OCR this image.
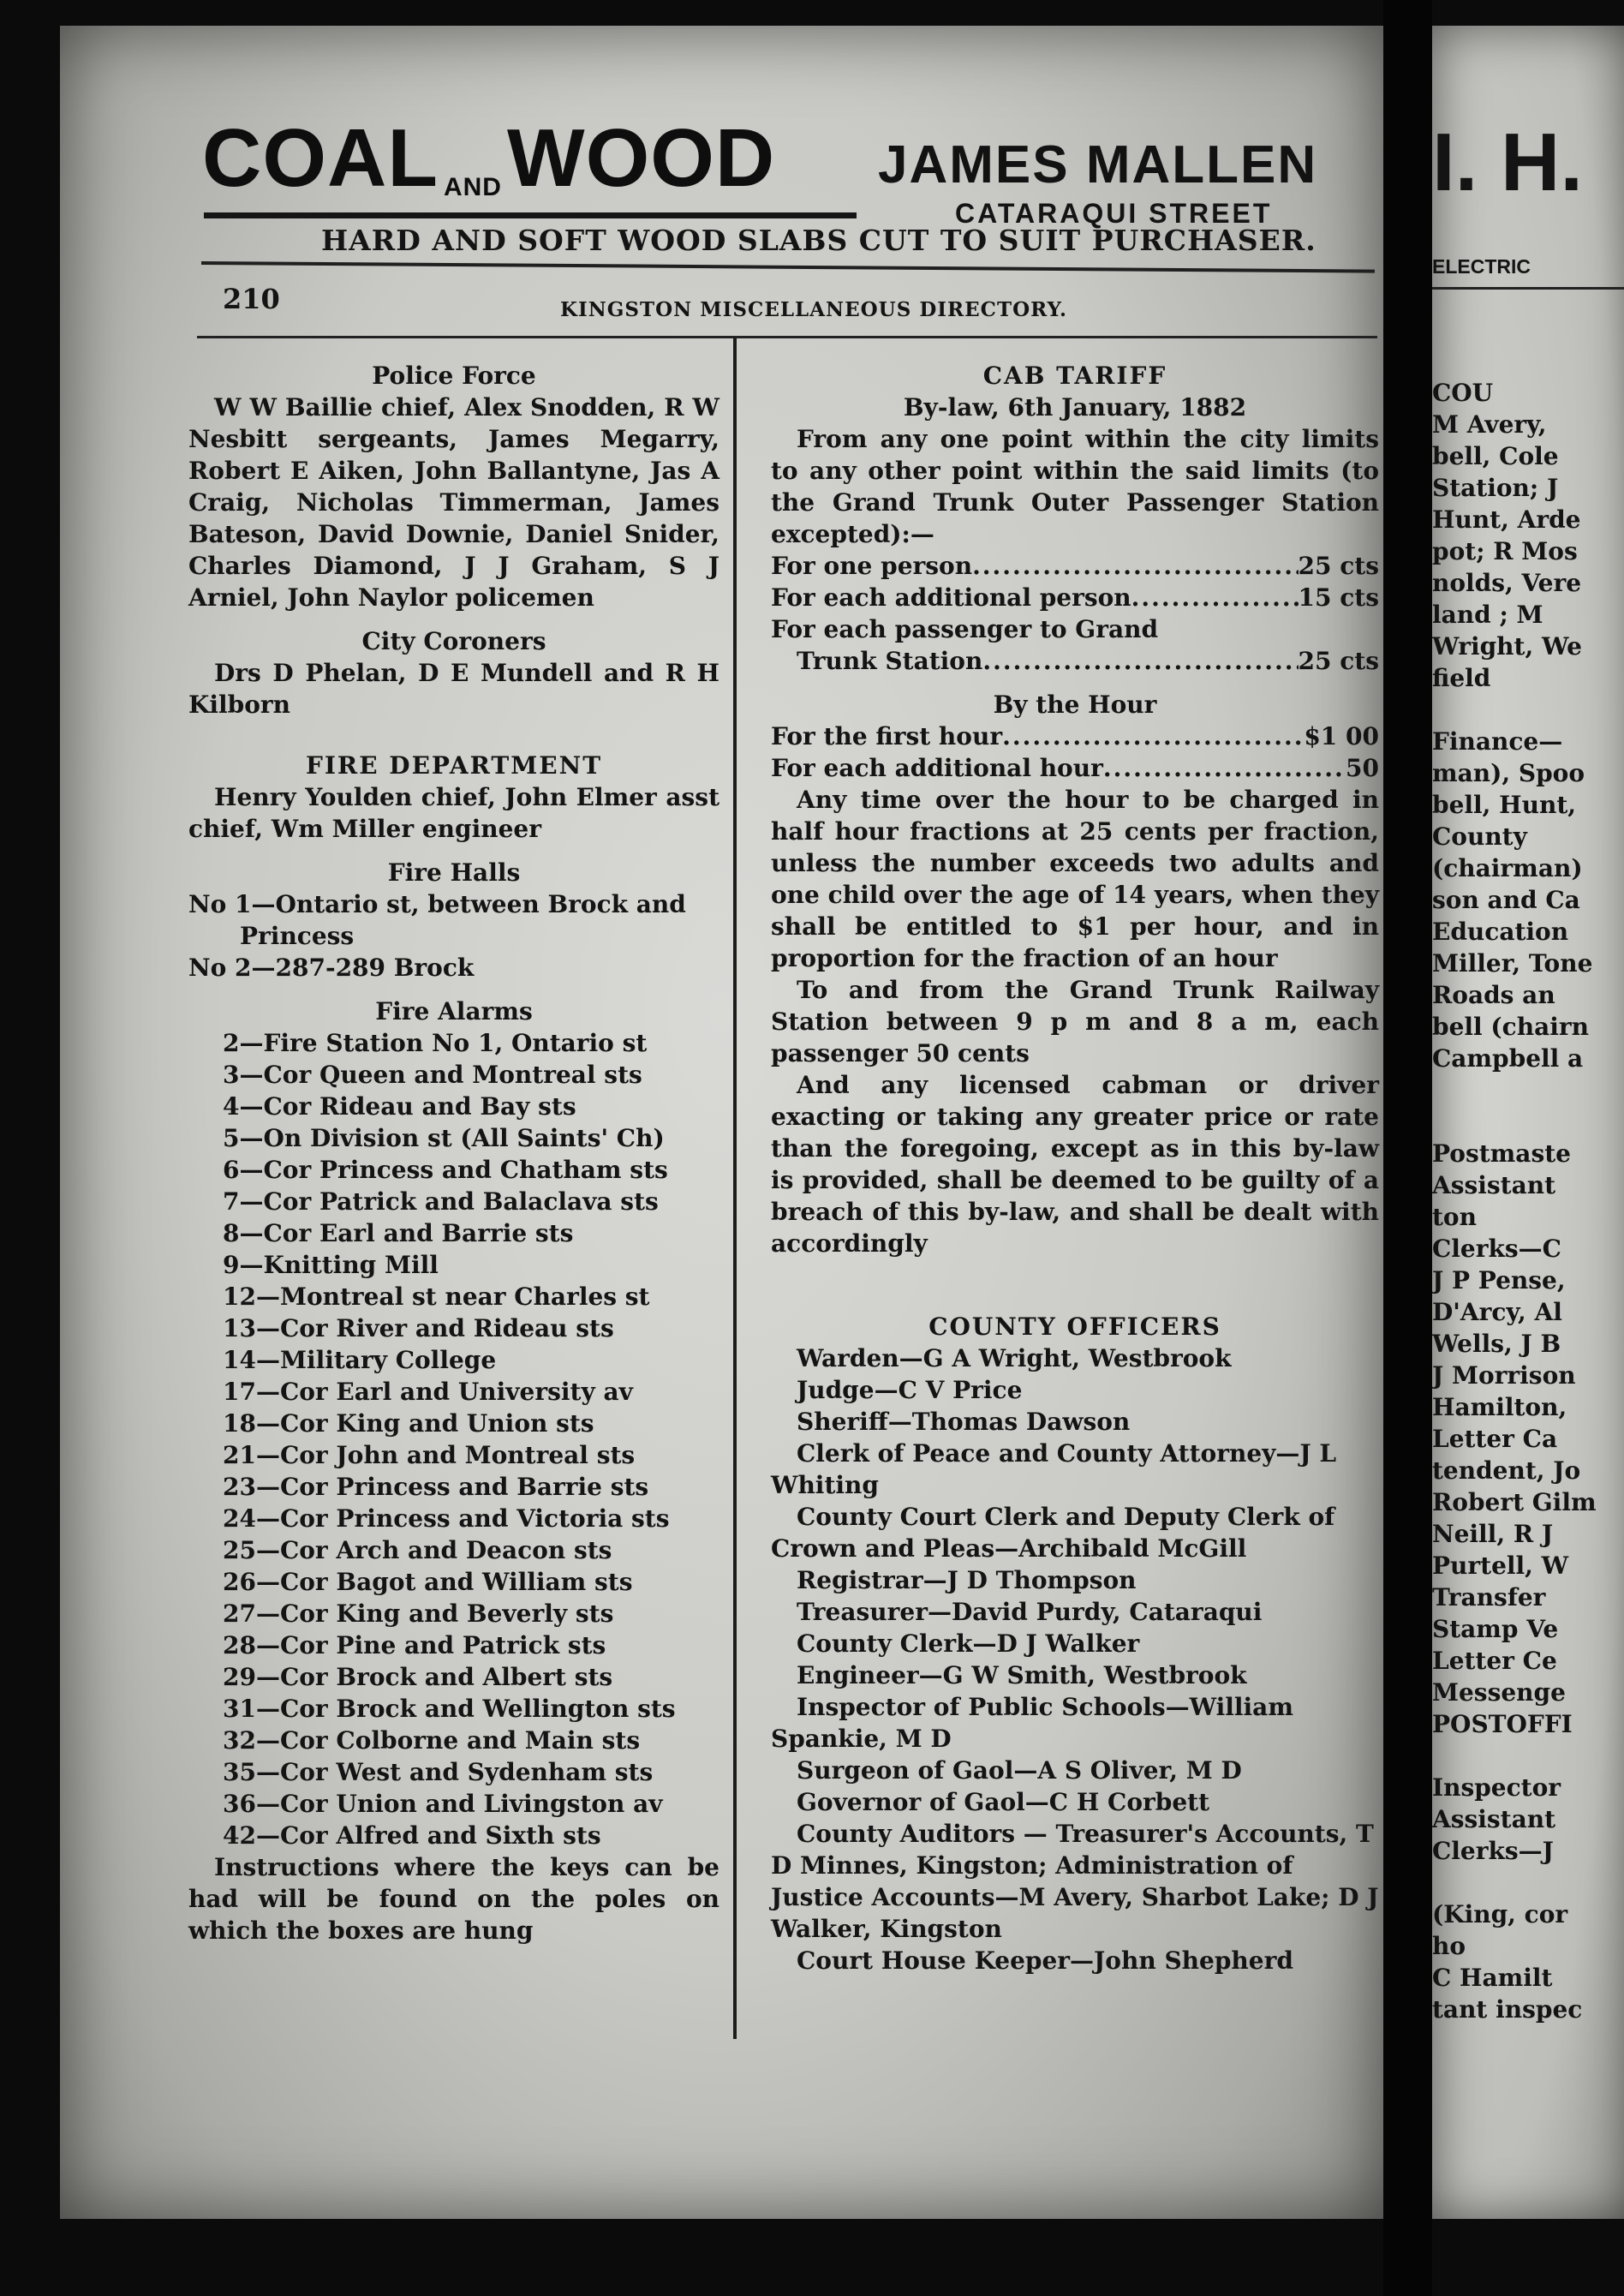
COAL $^{AND}$WOOD	JAMES MALLEN
CATARAQUI STREET
HARD AND SOFT WOOD SLABS CUT TO SUIT PURCHASER.
210	KINGSTON MISCELLANEOUS DIRECTORY.

Police Force

W W Baillie chief, Alex Snodden, R W Nesbitt sergeants, James Megarry, Robert E Aiken, John Ballantyne, Jas A Craig, Nicholas Timmerman, James Bateson, David Downie, Daniel Snider, Charles Diamond, J J Graham, S J Arniel, John Naylor policemen

City Coroners

Drs D Phelan, D E Mundell and R H Kilborn

FIRE DEPARTMENT

Henry Youlden chief, John Elmer asst chief, Wm Miller engineer

Fire Halls

No 1—Ontario st, between Brock and Princess

No 2—287-289 Brock

Fire Alarms

2—Fire Station No 1, Ontario st

3—Cor Queen and Montreal sts

4—Cor Rideau and Bay sts

5—On Division st (All Saints' Ch)

6—Cor Princess and Chatham sts

7—Cor Patrick and Balaclava sts

8—Cor Earl and Barrie sts

9—Knitting Mill

12—Montreal st near Charles st

13—Cor River and Rideau sts

14—Military College

17—Cor Earl and University av

18—Cor King and Union sts

21—Cor John and Montreal sts

23—Cor Princess and Barrie sts

24—Cor Princess and Victoria sts

25—Cor Arch and Deacon sts

26—Cor Bagot and William sts

27—Cor King and Beverly sts

28—Cor Pine and Patrick sts

29—Cor Brock and Albert sts

31—Cor Brock and Wellington sts

32—Cor Colborne and Main sts

35—Cor West and Sydenham sts

36—Cor Union and Livingston av

42—Cor Alfred and Sixth sts

Instructions where the keys can be had will be found on the poles on which the boxes are hung

CAB TARIFF

By-law, 6th January, 1882

From any one point within the city limits to any other point within the said limits (to the Grand Trunk Outer Passenger Station excepted):—

For one person .....	25 cts

For each additional person .....	15 cts

For each passenger to Grand

Trunk Station .....	25 cts

By the Hour

For the first hour .....	$1 00

For each additional hour .....	50

Any time over the hour to be charged in half hour fractions at 25 cents per fraction, unless the number exceeds two adults and one child over the age of 14 years, when they shall be entitled to $1 per hour, and in proportion for the fraction of an hour

To and from the Grand Trunk Railway Station between 9 p m and 8 a m, each passenger 50 cents

And any licensed cabman or driver exacting or taking any greater price or rate than the foregoing, except as in this by-law is provided, shall be deemed to be guilty of a breach of this by-law, and shall be dealt with accordingly

COUNTY OFFICERS

Warden—G A Wright, Westbrook

Judge—C V Price

Sheriff—Thomas Dawson

Clerk of Peace and County Attorney—J L Whiting

County Court Clerk and Deputy Clerk of Crown and Pleas—Archibald McGill

Registrar—J D Thompson

Treasurer—David Purdy, Cataraqui

County Clerk—D J Walker

Engineer—G W Smith, Westbrook

Inspector of Public Schools—William Spankie, M D

Surgeon of Gaol—A S Oliver, M D

Governor of Gaol—C H Corbett

County Auditors — Treasurer's Accounts, T D Minnes, Kingston; Administration of Justice Accounts—M Avery, Sharbot Lake; D J Walker, Kingston

Court House Keeper—John Shepherd

I. H.
ELECTRIC

COU

M Avery,

bell, Cole

Station; J

Hunt, Arde

pot; R Mos

nolds, Vere

land ; M

Wright, We

field

Finance—

man), Spoo

bell, Hunt,

County

(chairman)

son and Ca

Education

Miller, Tone

Roads an

bell (chairn

Campbell a

Postmaste

Assistant

ton

Clerks—C

J P Pense,

D'Arcy, Al

Wells, J B

J Morrison

Hamilton,

Letter Ca

tendent, Jo

Robert Gilm

Neill, R J

Purtell, W

Transfer

Stamp Ve

Letter Ce

Messenge

POSTOFFI

Inspector

Assistant

Clerks—J

(King, cor

ho

C Hamilt

tant inspec
